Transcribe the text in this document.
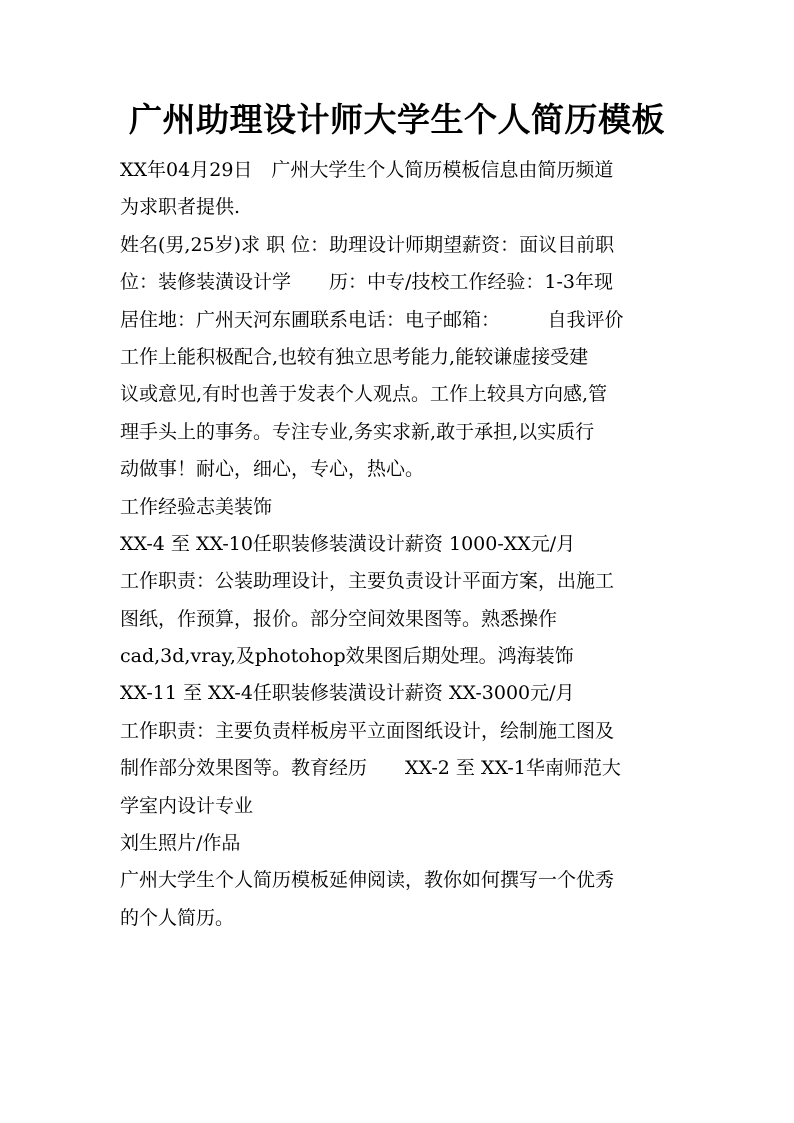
广州助理设计师大学生个人简历模板
XX年04月29日　广州大学生个人简历模板信息由简历频道
为求职者提供.
姓名(男,25岁)求 职 位：助理设计师期望薪资：面议目前职
位：装修装潢设计学　　历：中专/技校工作经验：1-3年现
居住地：广州天河东圃联系电话：电子邮箱：　　　自我评价
工作上能积极配合,也较有独立思考能力,能较谦虚接受建
议或意见,有时也善于发表个人观点。工作上较具方向感,管
理手头上的事务。专注专业,务实求新,敢于承担,以实质行
动做事！耐心，细心，专心，热心。
工作经验志美装饰
XX-4 至 XX-10任职装修装潢设计薪资 1000-XX元/月
工作职责：公装助理设计，主要负责设计平面方案，出施工
图纸，作预算，报价。部分空间效果图等。熟悉操作
cad,3d,vray,及photohop效果图后期处理。鸿海装饰
XX-11 至 XX-4任职装修装潢设计薪资 XX-3000元/月
工作职责：主要负责样板房平立面图纸设计，绘制施工图及
制作部分效果图等。教育经历　　XX-2 至 XX-1华南师范大
学室内设计专业
刘生照片/作品
广州大学生个人简历模板延伸阅读，教你如何撰写一个优秀
的个人简历。
